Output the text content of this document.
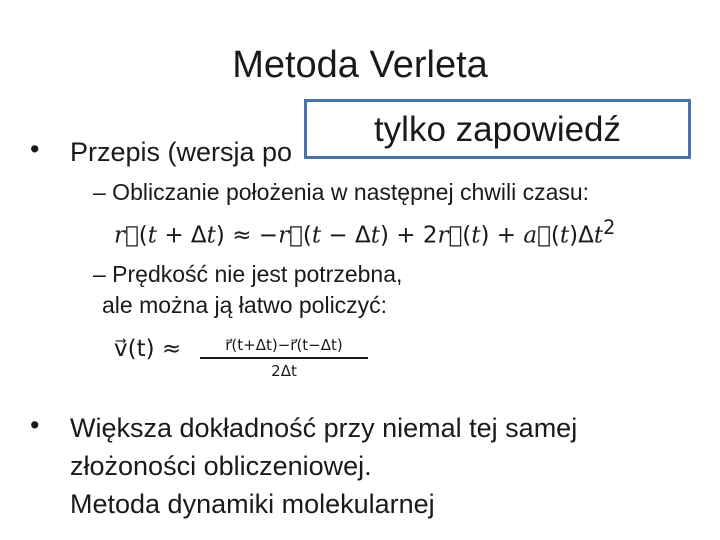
Metoda Verleta
• Przepis (wersja po
– Obliczanie położenia w następnej chwili czasu:
r⃗(t + Δt) ≈ −r⃗(t − Δt) + 2r⃗(t) + $a⃗(t)\Delta t^2$
– Prędkość nie jest potrzebna,
ale można ją łatwo policzyć:
v⃗(t) ≈	r⃗(t+Δt)−r⃗(t−Δt)
2Δt
• Większa dokładność przy niemal tej samej
złożoności obliczeniowej.
Metoda dynamiki molekularnej
tylko zapowiedź
